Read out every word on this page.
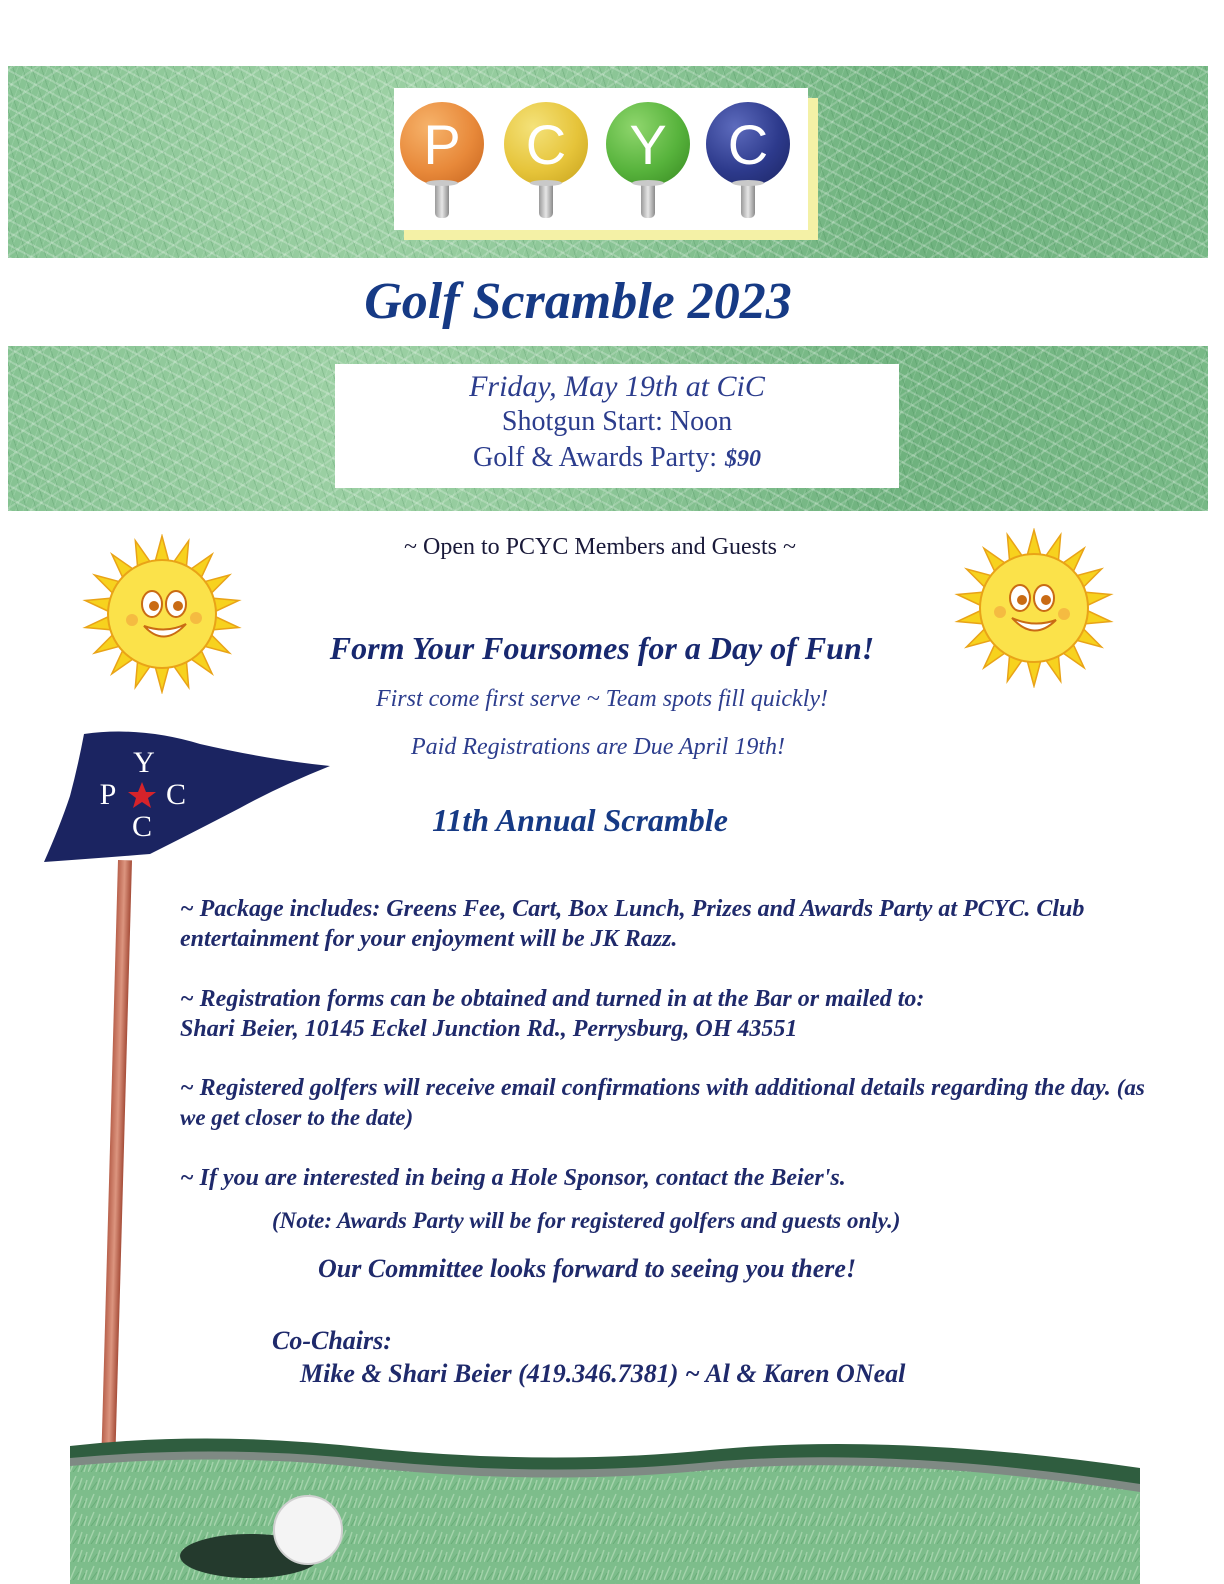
P	C	Y	C
Golf Scramble 2023
Friday, May 19th at CiC
Shotgun Start: Noon
Golf & Awards Party: $90
~ Open to PCYC Members and Guests ~
Form Your Foursomes for a Day of Fun!
First come first serve ~ Team spots fill quickly!
Paid Registrations are Due April 19th!
11th Annual Scramble
Y
P C
C
~ Package includes: Greens Fee, Cart, Box Lunch, Prizes and Awards Party at PCYC. Club entertainment for your enjoyment will be JK Razz.
~ Registration forms can be obtained and turned in at the Bar or mailed to:
Shari Beier, 10145 Eckel Junction Rd., Perrysburg, OH 43551
~ Registered golfers will receive email confirmations with additional details regarding the day. (as we get closer to the date)
~ If you are interested in being a Hole Sponsor, contact the Beier's.
(Note: Awards Party will be for registered golfers and guests only.)
Our Committee looks forward to seeing you there!
Co-Chairs:
Mike & Shari Beier (419.346.7381) ~ Al & Karen ONeal
